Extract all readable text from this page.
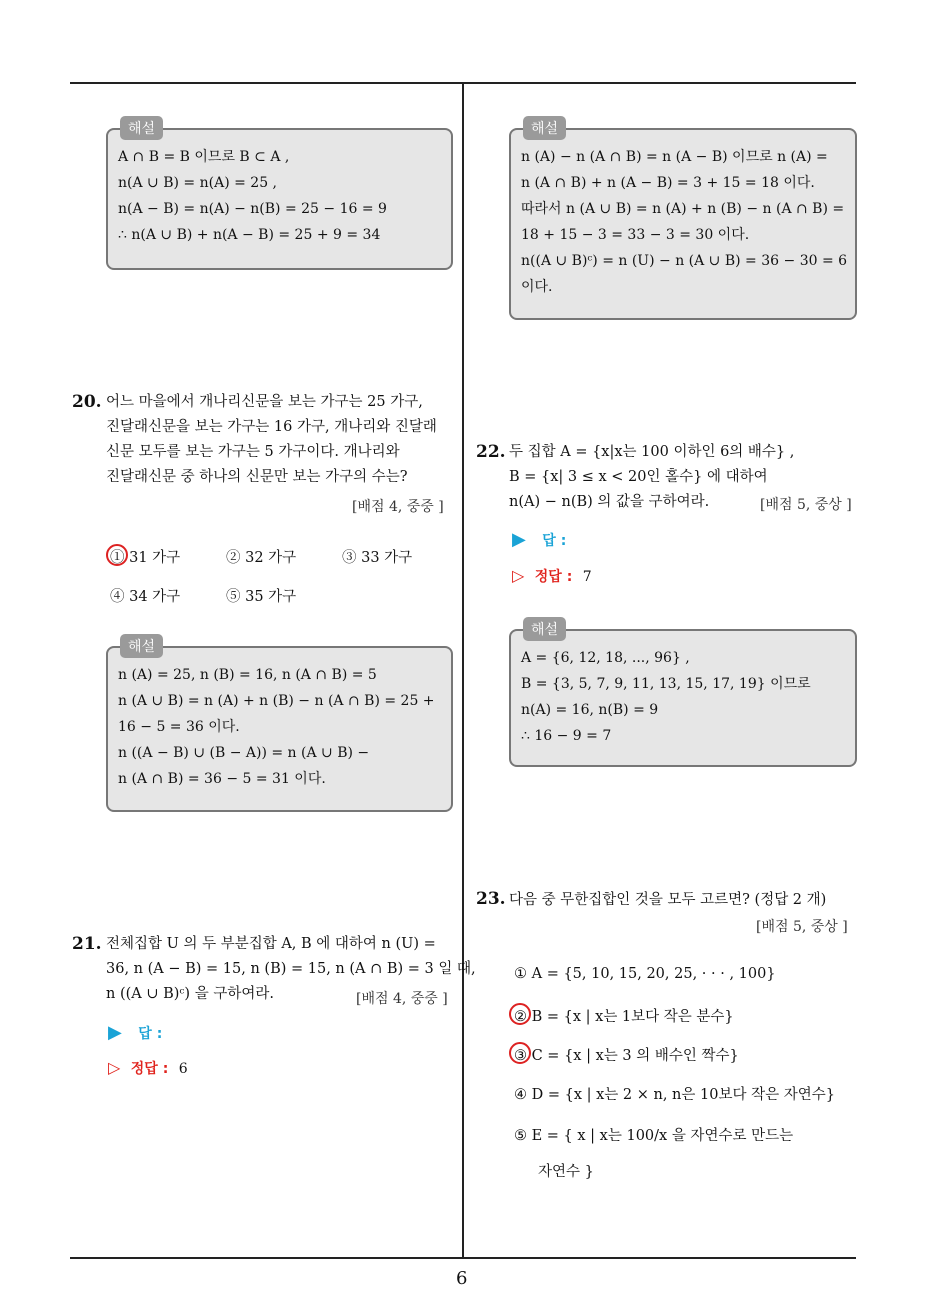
6
해설
A ∩ B = B 이므로 B ⊂ A ,
n(A ∪ B) = n(A) = 25 ,
n(A − B) = n(A) − n(B) = 25 − 16 = 9
∴ n(A ∪ B) + n(A − B) = 25 + 9 = 34
20. 어느 마을에서 개나리신문을 보는 가구는 25 가구,
진달래신문을 보는 가구는 16 가구, 개나리와 진달래
신문 모두를 보는 가구는 5 가구이다. 개나리와
진달래신문 중 하나의 신문만 보는 가구의 수는?
[배점 4, 중중 ]
① 31 가구	② 32 가구	③ 33 가구
④ 34 가구	⑤ 35 가구
해설
n (A) = 25, n (B) = 16, n (A ∩ B) = 5
n (A ∪ B) = n (A) + n (B) − n (A ∩ B) = 25 +
16 − 5 = 36 이다.
n ((A − B) ∪ (B − A)) = n (A ∪ B) −
n (A ∩ B) = 36 − 5 = 31 이다.
21. 전체집합 U 의 두 부분집합 A, B 에 대하여 n (U) =
36, n (A − B) = 15, n (B) = 15, n (A ∩ B) = 3 일 때,
n ((A ∪ B)ᶜ) 을 구하여라.	[배점 4, 중중 ]
▶ 답 :
▷ 정답 : 6
해설
n (A) − n (A ∩ B) = n (A − B) 이므로 n (A) =
n (A ∩ B) + n (A − B) = 3 + 15 = 18 이다.
따라서 n (A ∪ B) = n (A) + n (B) − n (A ∩ B) =
18 + 15 − 3 = 33 − 3 = 30 이다.
n((A ∪ B)ᶜ) = n (U) − n (A ∪ B) = 36 − 30 = 6
이다.
22. 두 집합 A = {x|x는 100 이하인 6의 배수} ,
B = {x| 3 ≤ x < 20인 홀수} 에 대하여
n(A) − n(B) 의 값을 구하여라.	[배점 5, 중상 ]
▶ 답 :
▷ 정답 : 7
해설
A = {6, 12, 18, ..., 96} ,
B = {3, 5, 7, 9, 11, 13, 15, 17, 19} 이므로
n(A) = 16, n(B) = 9
∴ 16 − 9 = 7
23. 다음 중 무한집합인 것을 모두 고르면? (정답 2 개)
[배점 5, 중상 ]
① A = {5, 10, 15, 20, 25, · · · , 100}
② B = {x | x는 1보다 작은 분수}
③ C = {x | x는 3 의 배수인 짝수}
④ D = {x | x는 2 × n, n은 10보다 작은 자연수}
⑤ E = { x | x는 100/x 을 자연수로 만드는
자연수 }
